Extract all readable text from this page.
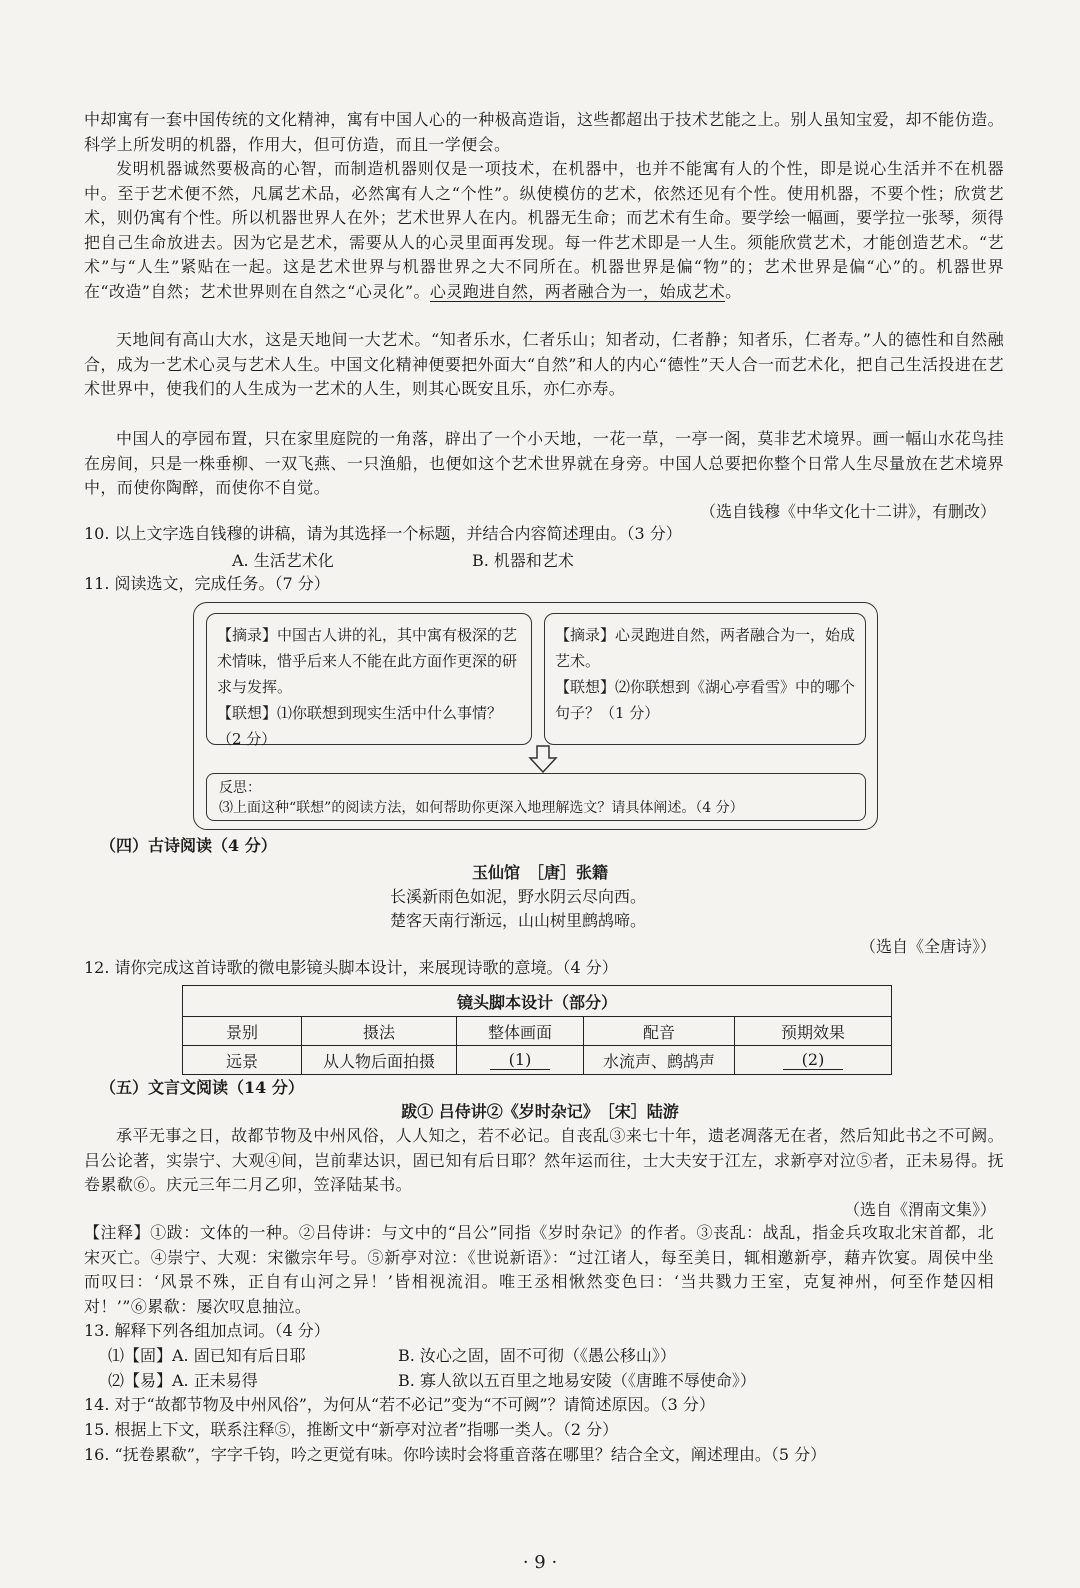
中却寓有一套中国传统的文化精神，寓有中国人心的一种极高造诣，这些都超出于技术艺能之上。别人虽知宝爱，却不能仿造。科学上所发明的机器，作用大，但可仿造，而且一学便会。

发明机器诚然要极高的心智，而制造机器则仅是一项技术，在机器中，也并不能寓有人的个性，即是说心生活并不在机器中。至于艺术便不然，凡属艺术品，必然寓有人之“个性”。纵使模仿的艺术，依然还见有个性。使用机器，不要个性；欣赏艺术，则仍寓有个性。所以机器世界人在外；艺术世界人在内。机器无生命；而艺术有生命。要学绘一幅画，要学拉一张琴，须得把自己生命放进去。因为它是艺术，需要从人的心灵里面再发现。每一件艺术即是一人生。须能欣赏艺术，才能创造艺术。“艺术”与“人生”紧贴在一起。这是艺术世界与机器世界之大不同所在。机器世界是偏“物”的；艺术世界是偏“心”的。机器世界在“改造”自然；艺术世界则在自然之“心灵化”。心灵跑进自然，两者融合为一，始成艺术。

天地间有高山大水，这是天地间一大艺术。“知者乐水，仁者乐山；知者动，仁者静；知者乐，仁者寿。”人的德性和自然融合，成为一艺术心灵与艺术人生。中国文化精神便要把外面大“自然”和人的内心“德性”天人合一而艺术化，把自己生活投进在艺术世界中，使我们的人生成为一艺术的人生，则其心既安且乐，亦仁亦寿。

中国人的亭园布置，只在家里庭院的一角落，辟出了一个小天地，一花一草，一亭一阁，莫非艺术境界。画一幅山水花鸟挂在房间，只是一株垂柳、一双飞燕、一只渔船，也便如这个艺术世界就在身旁。中国人总要把你整个日常人生尽量放在艺术境界中，而使你陶醉，而使你不自觉。

（选自钱穆《中华文化十二讲》，有删改）

10. 以上文字选自钱穆的讲稿，请为其选择一个标题，并结合内容简述理由。（3 分）

A. 生活艺术化	B. 机器和艺术

11. 阅读选文，完成任务。（7 分）

【摘录】中国古人讲的礼，其中寓有极深的艺术情味，惜乎后来人不能在此方面作更深的研求与发挥。

【联想】⑴你联想到现实生活中什么事情？（2 分）

【摘录】心灵跑进自然，两者融合为一，始成艺术。

【联想】⑵你联想到《湖心亭看雪》中的哪个句子？（1 分）

反思：

⑶上面这种“联想”的阅读方法，如何帮助你更深入地理解选文？请具体阐述。（4 分）

（四）古诗阅读（4 分）
玉仙馆　［唐］张籍
长溪新雨色如泥，野水阴云尽向西。
楚客天南行渐远，山山树里鹧鸪啼。
（选自《全唐诗》）

12. 请你完成这首诗歌的微电影镜头脚本设计，来展现诗歌的意境。（4 分）

镜头脚本设计（部分）				
景别	摄法	整体画面	配音	预期效果
远景	从人物后面拍摄	(1)	水流声、鹧鸪声	(2)
（五）文言文阅读（14 分）
跋① 吕侍讲②《岁时杂记》　［宋］陆游

承平无事之日，故都节物及中州风俗，人人知之，若不必记。自丧乱③来七十年，遗老凋落无在者，然后知此书之不可阙。吕公论著，实崇宁、大观④间，岂前辈达识，固已知有后日耶？然年运而往，士大夫安于江左，求新亭对泣⑤者，正未易得。抚卷累欷⑥。庆元三年二月乙卯，笠泽陆某书。

（选自《渭南文集》）

【注释】①跋：文体的一种。②吕侍讲：与文中的“吕公”同指《岁时杂记》的作者。③丧乱：战乱，指金兵攻取北宋首都，北宋灭亡。④崇宁、大观：宋徽宗年号。⑤新亭对泣：《世说新语》：“过江诸人，每至美日，辄相邀新亭，藉卉饮宴。周侯中坐而叹曰：‘风景不殊，正自有山河之异！’皆相视流泪。唯王丞相愀然变色曰：‘当共戮力王室，克复神州，何至作楚囚相对！’”⑥累欷：屡次叹息抽泣。

13. 解释下列各组加点词。（4 分）

⑴【固】A. 固已知有后日耶	B. 汝心之固，固不可彻（《愚公移山》）
⑵【易】A. 正未易得	B. 寡人欲以五百里之地易安陵（《唐雎不辱使命》）

14. 对于“故都节物及中州风俗”，为何从“若不必记”变为“不可阙”？请简述原因。（3 分）

15. 根据上下文，联系注释⑤，推断文中“新亭对泣者”指哪一类人。（2 分）

16. “抚卷累欷”，字字千钧，吟之更觉有味。你吟读时会将重音落在哪里？结合全文，阐述理由。（5 分）

· 9 ·
